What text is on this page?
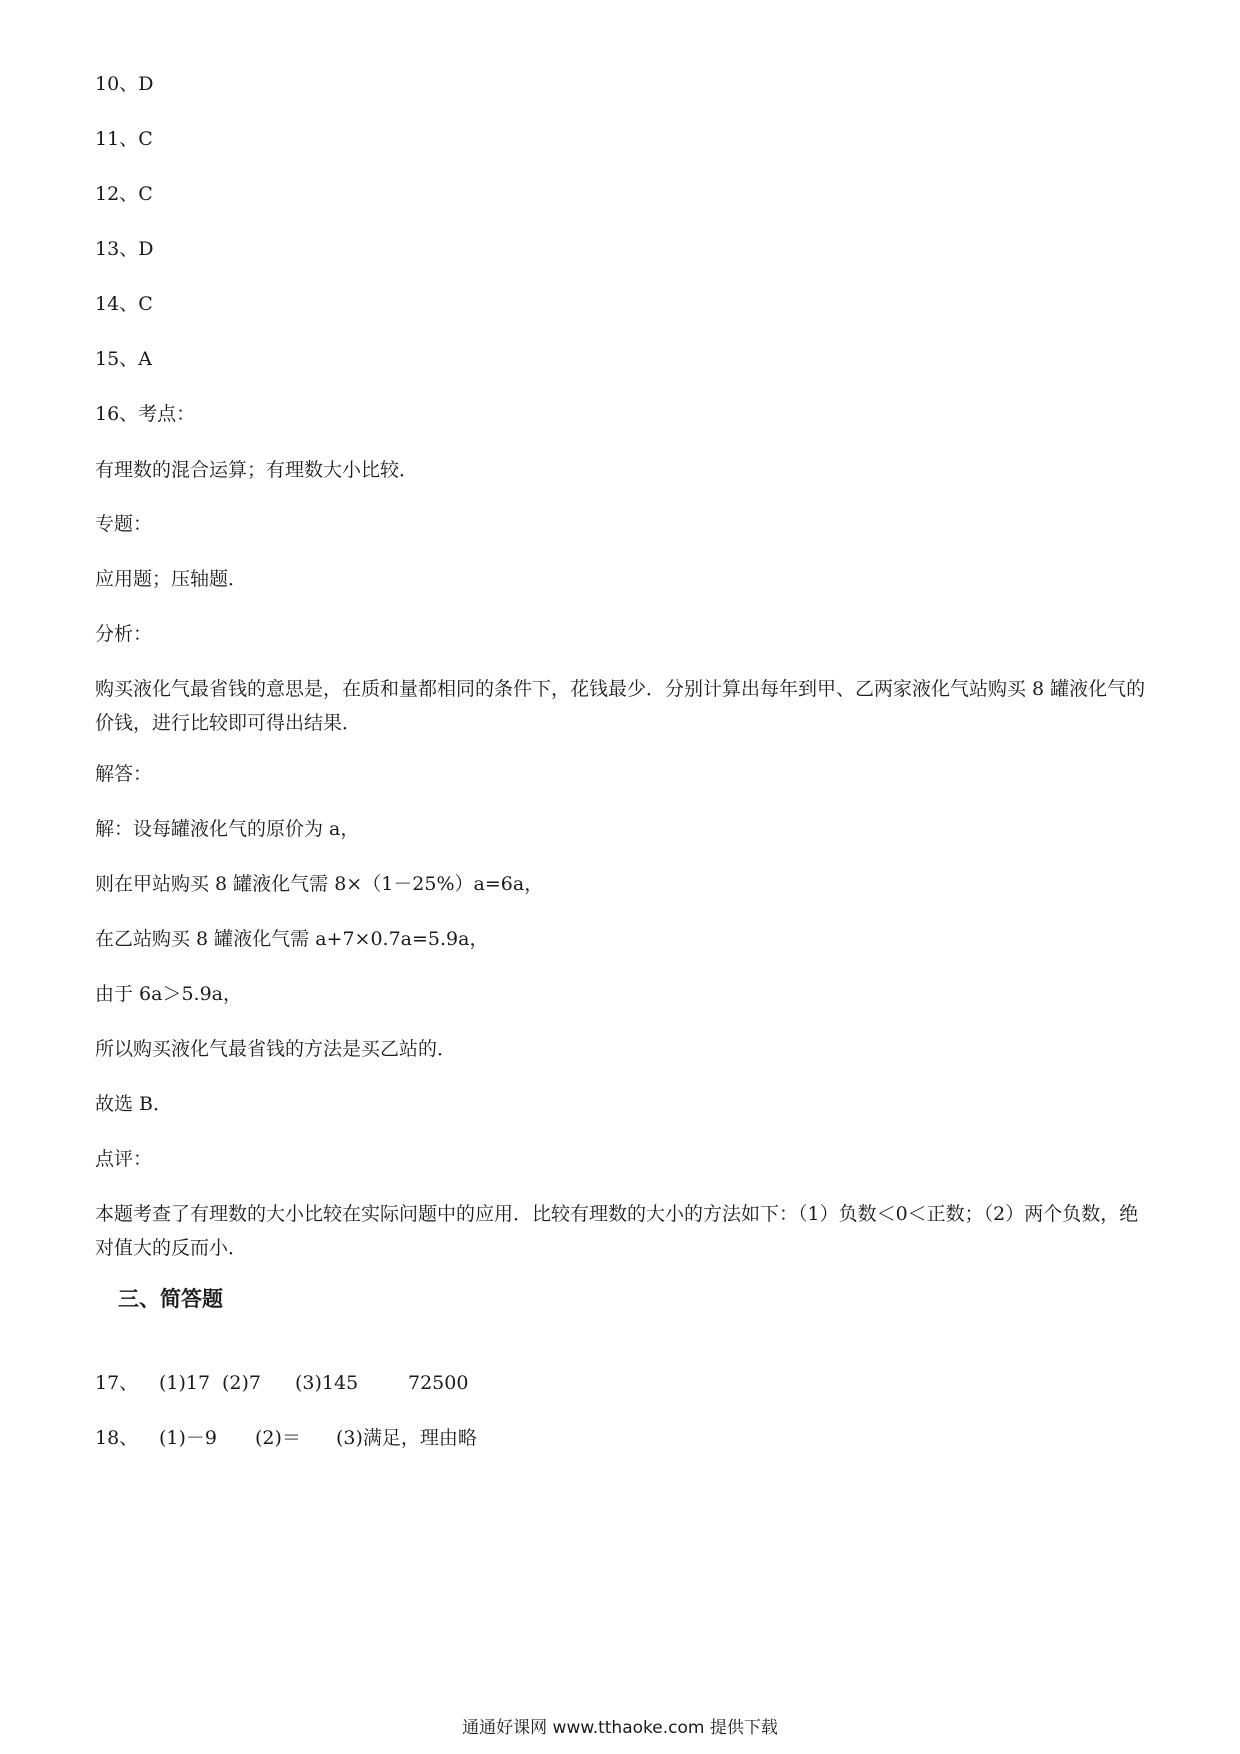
10、D
11、C
12、C
13、D
14、C
15、A
16、考点：
有理数的混合运算；有理数大小比较．
专题：
应用题；压轴题．
分析：
购买液化气最省钱的意思是，在质和量都相同的条件下，花钱最少．分别计算出每年到甲、乙两家液化气站购买 8 罐液化气的价钱，进行比较即可得出结果．
解答：
解：设每罐液化气的原价为 a，
则在甲站购买 8 罐液化气需 8×（1－25%）a=6a，
在乙站购买 8 罐液化气需 a+7×0.7a=5.9a，
由于 6a＞5.9a，
所以购买液化气最省钱的方法是买乙站的．
故选 B．
点评：
本题考查了有理数的大小比较在实际问题中的应用．比较有理数的大小的方法如下：（1）负数＜0＜正数；（2）两个负数，绝对值大的反而小．
三、简答题
17、 (1)17 (2)7 (3)145	72500
18、 (1)－9 (2)＝ (3)满足，理由略
通通好课网 www.tthaoke.com 提供下载
